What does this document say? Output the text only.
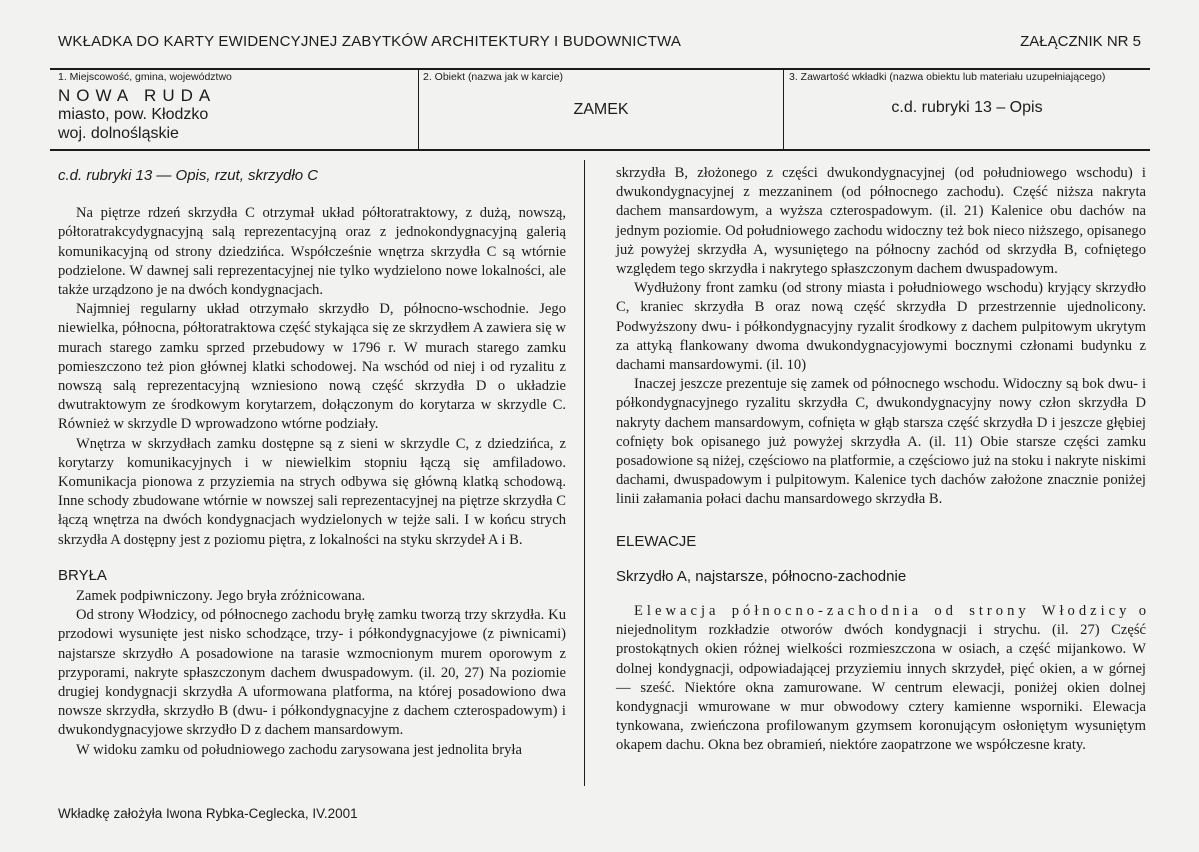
WKŁADKA DO KARTY EWIDENCYJNEJ ZABYTKÓW ARCHITEKTURY I BUDOWNICTWA	ZAŁĄCZNIK NR 5
1. Miejscowość, gmina, województwo
NOWA RUDA
miasto, pow. Kłodzko
woj. dolnośląskie
2. Obiekt (nazwa jak w karcie)
ZAMEK
3. Zawartość wkładki (nazwa obiektu lub materiału uzupełniającego)
c.d. rubryki 13 – Opis
c.d. rubryki 13 — Opis, rzut, skrzydło C

Na piętrze rdzeń skrzydła C otrzymał układ półtoratraktowy, z dużą, nowszą, półtoratrakcydygnacyjną salą reprezentacyjną oraz z jednokondygnacyjną galerią komunikacyjną od strony dziedzińca. Współcześnie wnętrza skrzydła C są wtórnie podzielone. W dawnej sali reprezentacyjnej nie tylko wydzielono nowe lokalności, ale także urządzono je na dwóch kondygnacjach.

Najmniej regularny układ otrzymało skrzydło D, północno-wschodnie. Jego niewielka, północna, półtoratraktowa część stykająca się ze skrzydłem A zawiera się w murach starego zamku sprzed przebudowy w 1796 r. W murach starego zamku pomieszczono też pion głównej klatki schodowej. Na wschód od niej i od ryzalitu z nowszą salą reprezentacyjną wzniesiono nową część skrzydła D o układzie dwutraktowym ze środkowym korytarzem, dołączonym do korytarza w skrzydle C. Również w skrzydle D wprowadzono wtórne podziały.

Wnętrza w skrzydłach zamku dostępne są z sieni w skrzydle C, z dziedzińca, z korytarzy komunikacyjnych i w niewielkim stopniu łączą się amfiladowo. Komunikacja pionowa z przyziemia na strych odbywa się główną klatką schodową. Inne schody zbudowane wtórnie w nowszej sali reprezentacyjnej na piętrze skrzydła C łączą wnętrza na dwóch kondygnacjach wydzielonych w tejże sali. I w końcu strych skrzydła A dostępny jest z poziomu piętra, z lokalności na styku skrzydeł A i B.

BRYŁA

Zamek podpiwniczony. Jego bryła zróżnicowana.

Od strony Włodzicy, od północnego zachodu bryłę zamku tworzą trzy skrzydła. Ku przodowi wysunięte jest nisko schodzące, trzy- i półkondygnacyjowe (z piwnicami) najstarsze skrzydło A posadowione na tarasie wzmocnionym murem oporowym z przyporami, nakryte spłaszczonym dachem dwuspadowym. (il. 20, 27) Na poziomie drugiej kondygnacji skrzydła A uformowana platforma, na której posadowiono dwa nowsze skrzydła, skrzydło B (dwu- i półkondygnacyjne z dachem czterospadowym) i dwukondygnacyjowe skrzydło D z dachem mansardowym.

W widoku zamku od południowego zachodu zarysowana jest jednolita bryła

skrzydła B, złożonego z części dwukondygnacyjnej (od południowego wschodu) i dwukondygnacyjnej z mezzaninem (od północnego zachodu). Część niższa nakryta dachem mansardowym, a wyższa czterospadowym. (il. 21) Kalenice obu dachów na jednym poziomie. Od południowego zachodu widoczny też bok nieco niższego, opisanego już powyżej skrzydła A, wysuniętego na północny zachód od skrzydła B, cofniętego względem tego skrzydła i nakrytego spłaszczonym dachem dwuspadowym.

Wydłużony front zamku (od strony miasta i południowego wschodu) kryjący skrzydło C, kraniec skrzydła B oraz nową część skrzydła D przestrzennie ujednolicony. Podwyższony dwu- i półkondygnacyjny ryzalit środkowy z dachem pulpitowym ukrytym za attyką flankowany dwoma dwukondygnacyjowymi bocznymi członami budynku z dachami mansardowymi. (il. 10)

Inaczej jeszcze prezentuje się zamek od północnego wschodu. Widoczny są bok dwu- i półkondygnacyjnego ryzalitu skrzydła C, dwukondygnacyjny nowy człon skrzydła D nakryty dachem mansardowym, cofnięta w głąb starsza część skrzydła D i jeszcze głębiej cofnięty bok opisanego już powyżej skrzydła A. (il. 11) Obie starsze części zamku posadowione są niżej, częściowo na platformie, a częściowo już na stoku i nakryte niskimi dachami, dwuspadowym i pulpitowym. Kalenice tych dachów założone znacznie poniżej linii załamania połaci dachu mansardowego skrzydła B.

ELEWACJE
Skrzydło A, najstarsze, północno-zachodnie

Elewacja północno-zachodnia od strony Włodzicy o niejednolitym rozkładzie otworów dwóch kondygnacji i strychu. (il. 27) Część prostokątnych okien różnej wielkości rozmieszczona w osiach, a część mijankowo. W dolnej kondygnacji, odpowiadającej przyziemiu innych skrzydeł, pięć okien, a w górnej — sześć. Niektóre okna zamurowane. W centrum elewacji, poniżej okien dolnej kondygnacji wmurowane w mur obwodowy cztery kamienne wsporniki. Elewacja tynkowana, zwieńczona profilowanym gzymsem koronującym osłoniętym wysuniętym okapem dachu. Okna bez obramień, niektóre zaopatrzone we współczesne kraty.

Wkładkę założyła Iwona Rybka-Ceglecka, IV.2001
